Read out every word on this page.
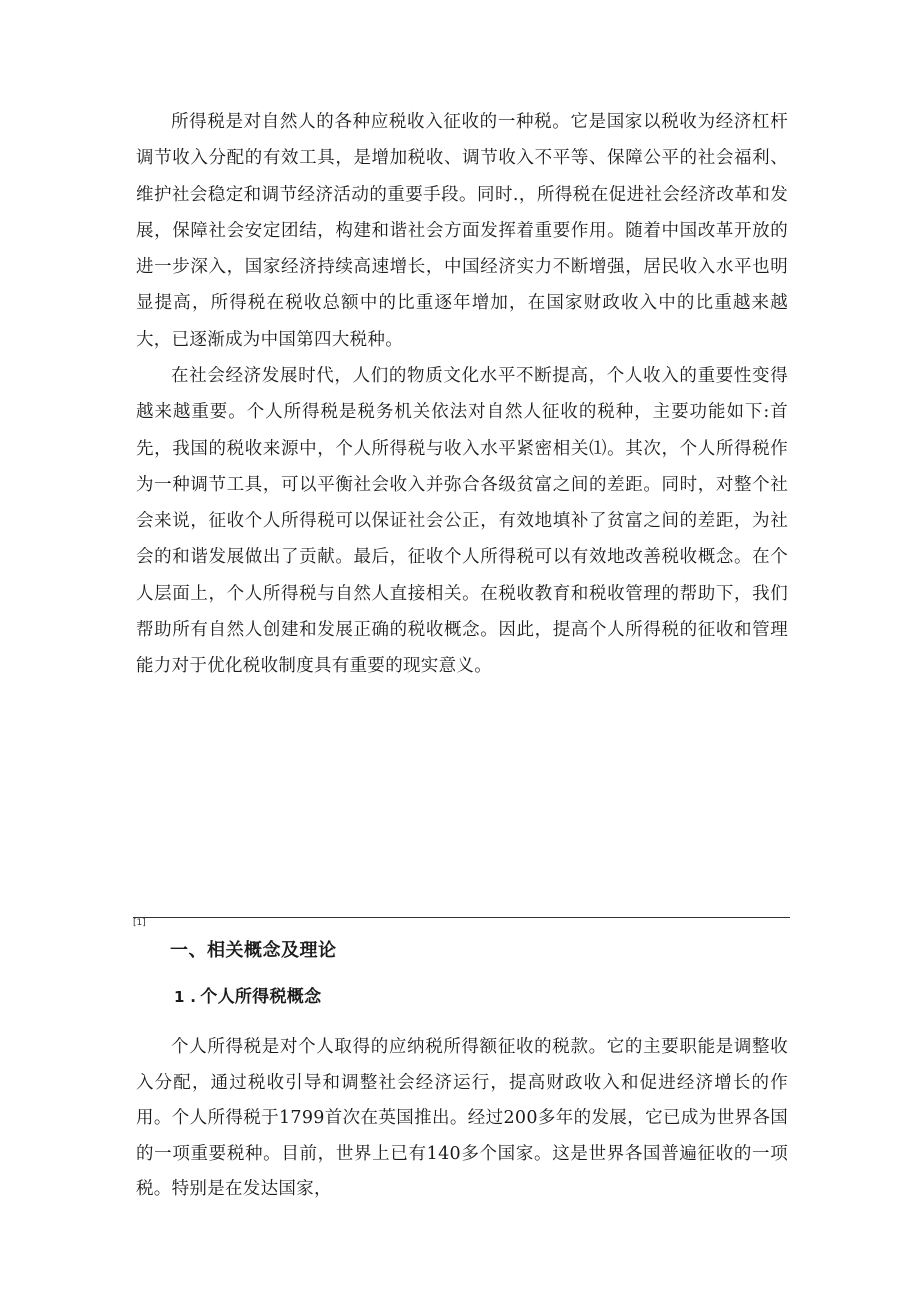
所得税是对自然人的各种应税收入征收的一种税。它是国家以税收为经济杠杆调节收入分配的有效工具，是增加税收、调节收入不平等、保障公平的社会福利、维护社会稳定和调节经济活动的重要手段。同时.，所得税在促进社会经济改革和发展，保障社会安定团结，构建和谐社会方面发挥着重要作用。随着中国改革开放的进一步深入，国家经济持续高速增长，中国经济实力不断增强，居民收入水平也明显提高，所得税在税收总额中的比重逐年增加，在国家财政收入中的比重越来越大，已逐渐成为中国第四大税种。

在社会经济发展时代，人们的物质文化水平不断提高，个人收入的重要性变得越来越重要。个人所得税是税务机关依法对自然人征收的税种，主要功能如下:首先，我国的税收来源中，个人所得税与收入水平紧密相关⑴。其次，个人所得税作为一种调节工具，可以平衡社会收入并弥合各级贫富之间的差距。同时，对整个社会来说，征收个人所得税可以保证社会公正，有效地填补了贫富之间的差距，为社会的和谐发展做出了贡献。最后，征收个人所得税可以有效地改善税收概念。在个人层面上，个人所得税与自然人直接相关。在税收教育和税收管理的帮助下，我们帮助所有自然人创建和发展正确的税收概念。因此，提高个人所得税的征收和管理能力对于优化税收制度具有重要的现实意义。

[1]
一、相关概念及理论
1 . 个人所得税概念

个人所得税是对个人取得的应纳税所得额征收的税款。它的主要职能是调整收入分配，通过税收引导和调整社会经济运行，提高财政收入和促进经济增长的作用。个人所得税于1799首次在英国推出。经过200多年的发展，它已成为世界各国的一项重要税种。目前，世界上已有140多个国家。这是世界各国普遍征收的一项税。特别是在发达国家，
